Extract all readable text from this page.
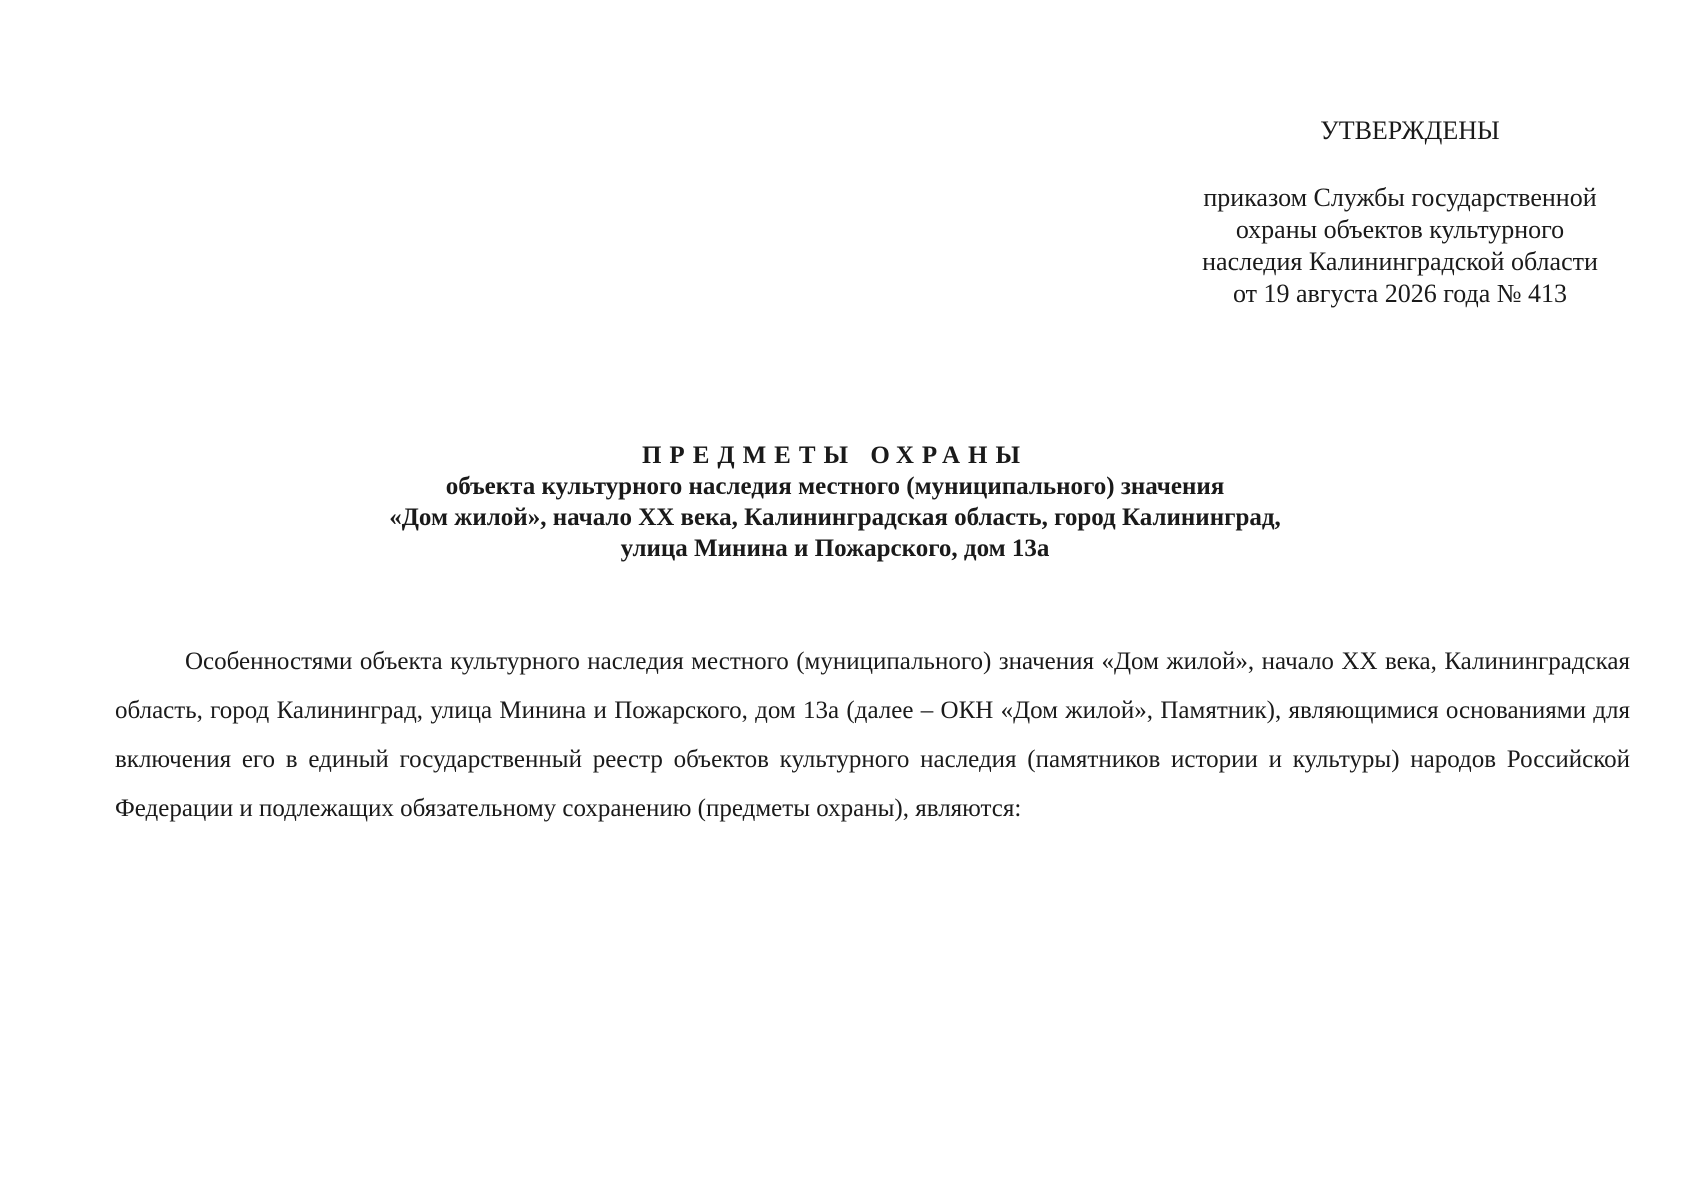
УТВЕРЖДЕНЫ
приказом Службы государственной
охраны объектов культурного
наследия Калининградской области
от 19 августа 2026 года № 413
ПРЕДМЕТЫ ОХРАНЫ
объекта культурного наследия местного (муниципального) значения
«Дом жилой», начало XX века, Калининградская область, город Калининград,
улица Минина и Пожарского, дом 13а

Особенностями объекта культурного наследия местного (муниципального) значения «Дом жилой», начало XX века, Калининградская область, город Калининград, улица Минина и Пожарского, дом 13а (далее – ОКН «Дом жилой», Памятник), являющимися основаниями для включения его в единый государственный реестр объектов культурного наследия (памятников истории и культуры) народов Российской Федерации и подлежащих обязательному сохранению (предметы охраны), являются:
